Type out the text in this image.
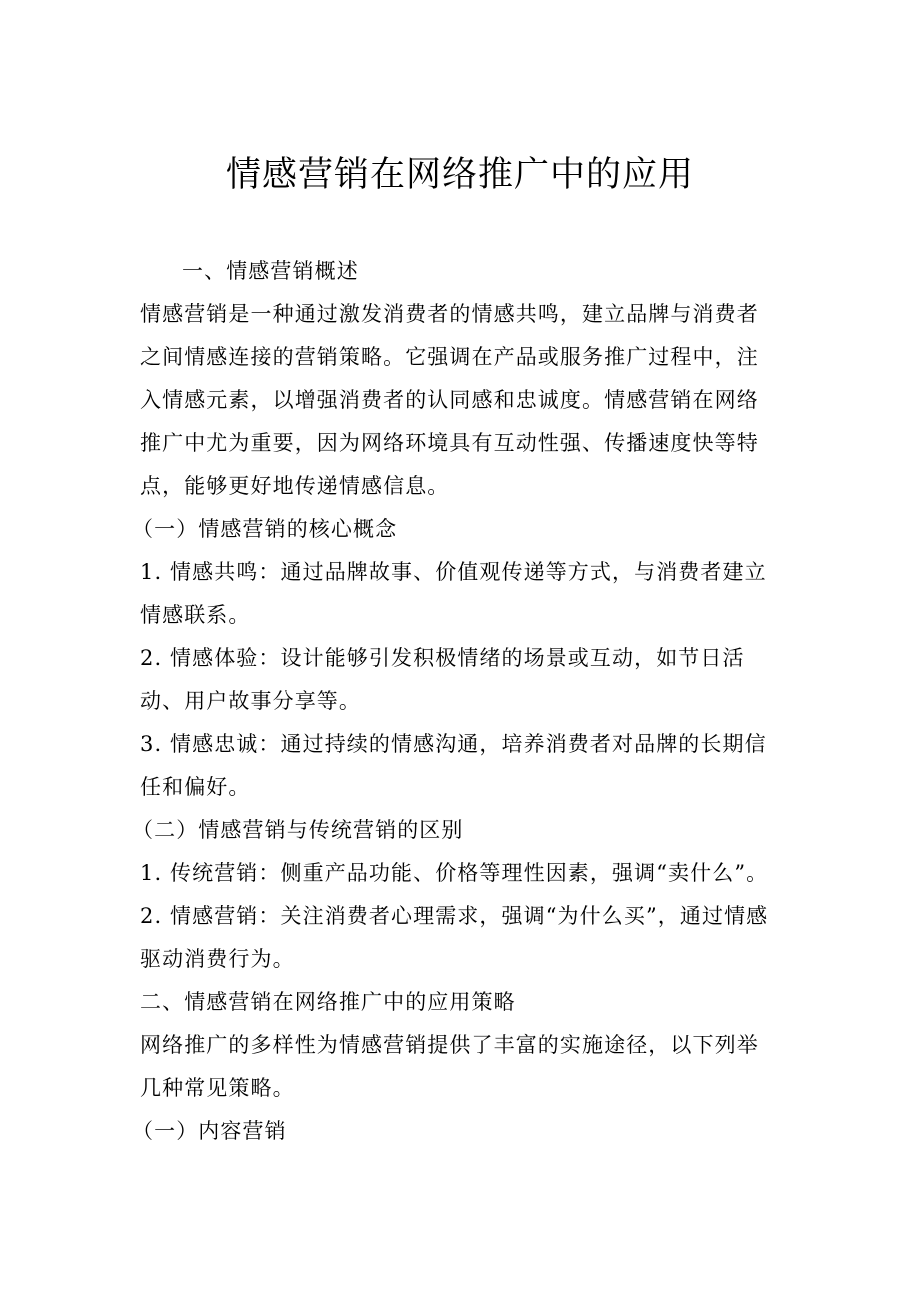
情感营销在网络推广中的应用

一、情感营销概述

情感营销是一种通过激发消费者的情感共鸣，建立品牌与消费者之间情感连接的营销策略。它强调在产品或服务推广过程中，注入情感元素，以增强消费者的认同感和忠诚度。情感营销在网络推广中尤为重要，因为网络环境具有互动性强、传播速度快等特点，能够更好地传递情感信息。

（一）情感营销的核心概念

1. 情感共鸣：通过品牌故事、价值观传递等方式，与消费者建立情感联系。

2. 情感体验：设计能够引发积极情绪的场景或互动，如节日活动、用户故事分享等。

3. 情感忠诚：通过持续的情感沟通，培养消费者对品牌的长期信任和偏好。

（二）情感营销与传统营销的区别

1. 传统营销：侧重产品功能、价格等理性因素，强调“卖什么”。

2. 情感营销：关注消费者心理需求，强调“为什么买”，通过情感驱动消费行为。

二、情感营销在网络推广中的应用策略

网络推广的多样性为情感营销提供了丰富的实施途径，以下列举几种常见策略。

（一）内容营销
